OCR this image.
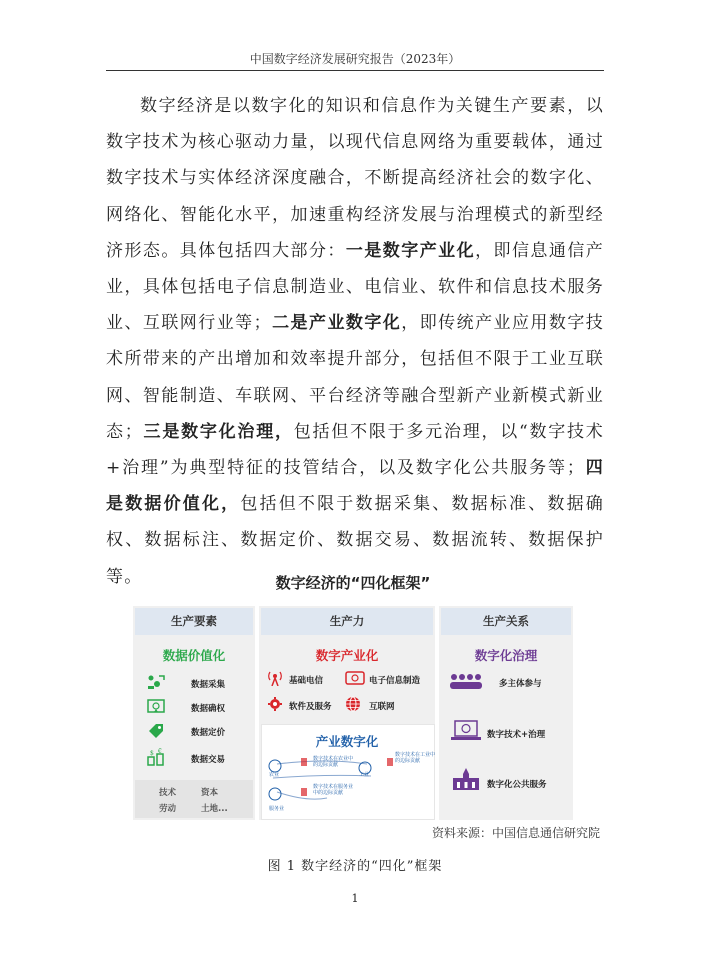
中国数字经济发展研究报告（2023年）

数字经济是以数字化的知识和信息作为关键生产要素，以数字技术为核心驱动力量，以现代信息网络为重要载体，通过数字技术与实体经济深度融合，不断提高经济社会的数字化、网络化、智能化水平，加速重构经济发展与治理模式的新型经济形态。具体包括四大部分：一是数字产业化，即信息通信产业，具体包括电子信息制造业、电信业、软件和信息技术服务业、互联网行业等；二是产业数字化，即传统产业应用数字技术所带来的产出增加和效率提升部分，包括但不限于工业互联网、智能制造、车联网、平台经济等融合型新产业新模式新业态；三是数字化治理，包括但不限于多元治理，以“数字技术+治理”为典型特征的技管结合，以及数字化公共服务等；四是数据价值化，包括但不限于数据采集、数据标准、数据确权、数据标注、数据定价、数据交易、数据流转、数据保护等。	数字经济的“四化框架”
生产要素
数据价值化
数据采集
数据确权
数据定价
$ €
数据交易
技术	资本
劳动	土地...
生产力
数字产业化
基础电信	电子信息制造
软件及服务	互联网
产业数字化
数字技术在农业中的边际贡献
数字技术在工业中的边际贡献
数字技术在服务业中的边际贡献
农业	工业
服务业
生产关系
数字化治理
多主体参与
数字技术+治理
数字化公共服务
资料来源：中国信息通信研究院
图 1 数字经济的“四化”框架
1
